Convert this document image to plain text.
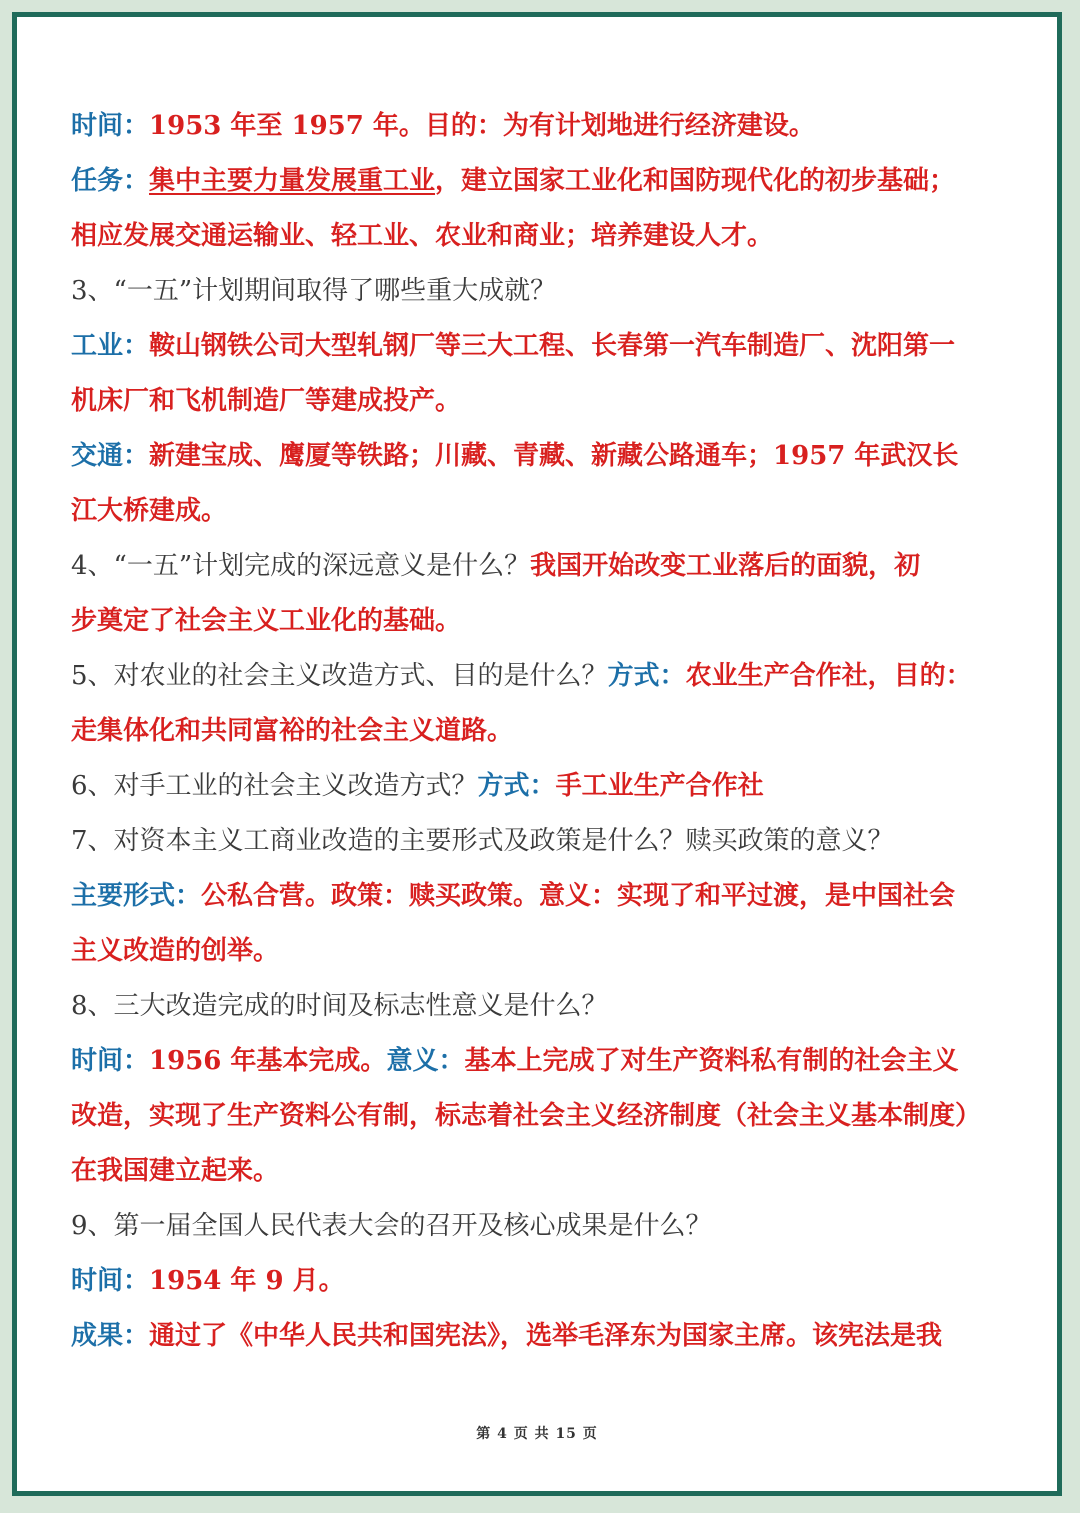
时间：1953 年至 1957 年。目的：为有计划地进行经济建设。
任务：集中主要力量发展重工业，建立国家工业化和国防现代化的初步基础；
相应发展交通运输业、轻工业、农业和商业；培养建设人才。
3、“一五”计划期间取得了哪些重大成就？
工业：鞍山钢铁公司大型轧钢厂等三大工程、长春第一汽车制造厂、沈阳第一
机床厂和飞机制造厂等建成投产。
交通：新建宝成、鹰厦等铁路；川藏、青藏、新藏公路通车；1957 年武汉长
江大桥建成。
4、“一五”计划完成的深远意义是什么？我国开始改变工业落后的面貌，初
步奠定了社会主义工业化的基础。
5、对农业的社会主义改造方式、目的是什么？方式：农业生产合作社，目的：
走集体化和共同富裕的社会主义道路。
6、对手工业的社会主义改造方式？方式：手工业生产合作社
7、对资本主义工商业改造的主要形式及政策是什么？赎买政策的意义？
主要形式：公私合营。政策：赎买政策。意义：实现了和平过渡，是中国社会
主义改造的创举。
8、三大改造完成的时间及标志性意义是什么？
时间：1956 年基本完成。意义：基本上完成了对生产资料私有制的社会主义
改造，实现了生产资料公有制，标志着社会主义经济制度（社会主义基本制度）
在我国建立起来。
9、第一届全国人民代表大会的召开及核心成果是什么？
时间：1954 年 9 月。
成果：通过了《中华人民共和国宪法》，选举毛泽东为国家主席。该宪法是我
第 4 页 共 15 页
